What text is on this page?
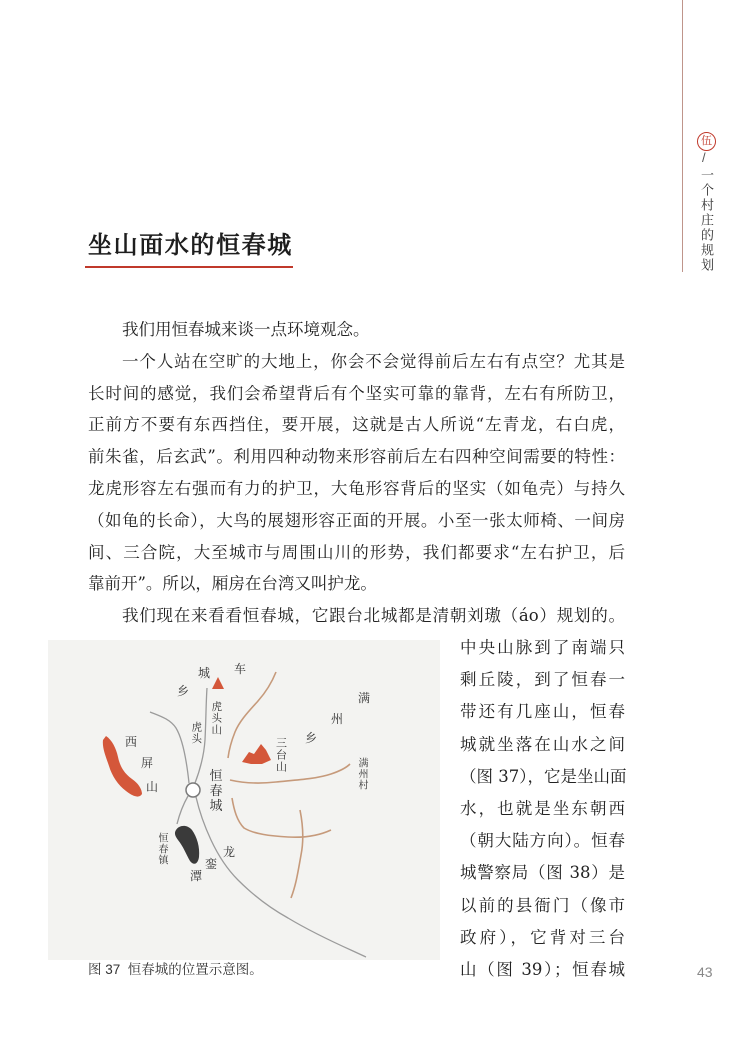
伍
/
一个村庄的规划
坐山面水的恒春城
我们用恒春城来谈一点环境观念。
一个人站在空旷的大地上，你会不会觉得前后左右有点空？尤其是
长时间的感觉，我们会希望背后有个坚实可靠的靠背，左右有所防卫，
正前方不要有东西挡住，要开展，这就是古人所说“左青龙，右白虎，
前朱雀，后玄武”。利用四种动物来形容前后左右四种空间需要的特性：
龙虎形容左右强而有力的护卫，大龟形容背后的坚实（如龟壳）与持久
（如龟的长命），大鸟的展翅形容正面的开展。小至一张太师椅、一间房
间、三合院，大至城市与周围山川的形势，我们都要求“左右护卫，后
靠前开”。所以，厢房在台湾又叫护龙。
我们现在来看看恒春城，它跟台北城都是清朝刘璈（áo）规划的。
中央山脉到了南端只
剩丘陵，到了恒春一
带还有几座山，恒春
城就坐落在山水之间
（图 37），它是坐山面
水，也就是坐东朝西
（朝大陆方向）。恒春
城警察局（图 38）是
以前的县衙门（像市
政府），它背对三台
山（图 39）；恒春城
车
城
乡
虎头山
虎头
西
屏
山	恒春城
三台山
满
州
乡
满州村
龙
銮
潭
恒春镇
图 37  恒春城的位置示意图。	43
